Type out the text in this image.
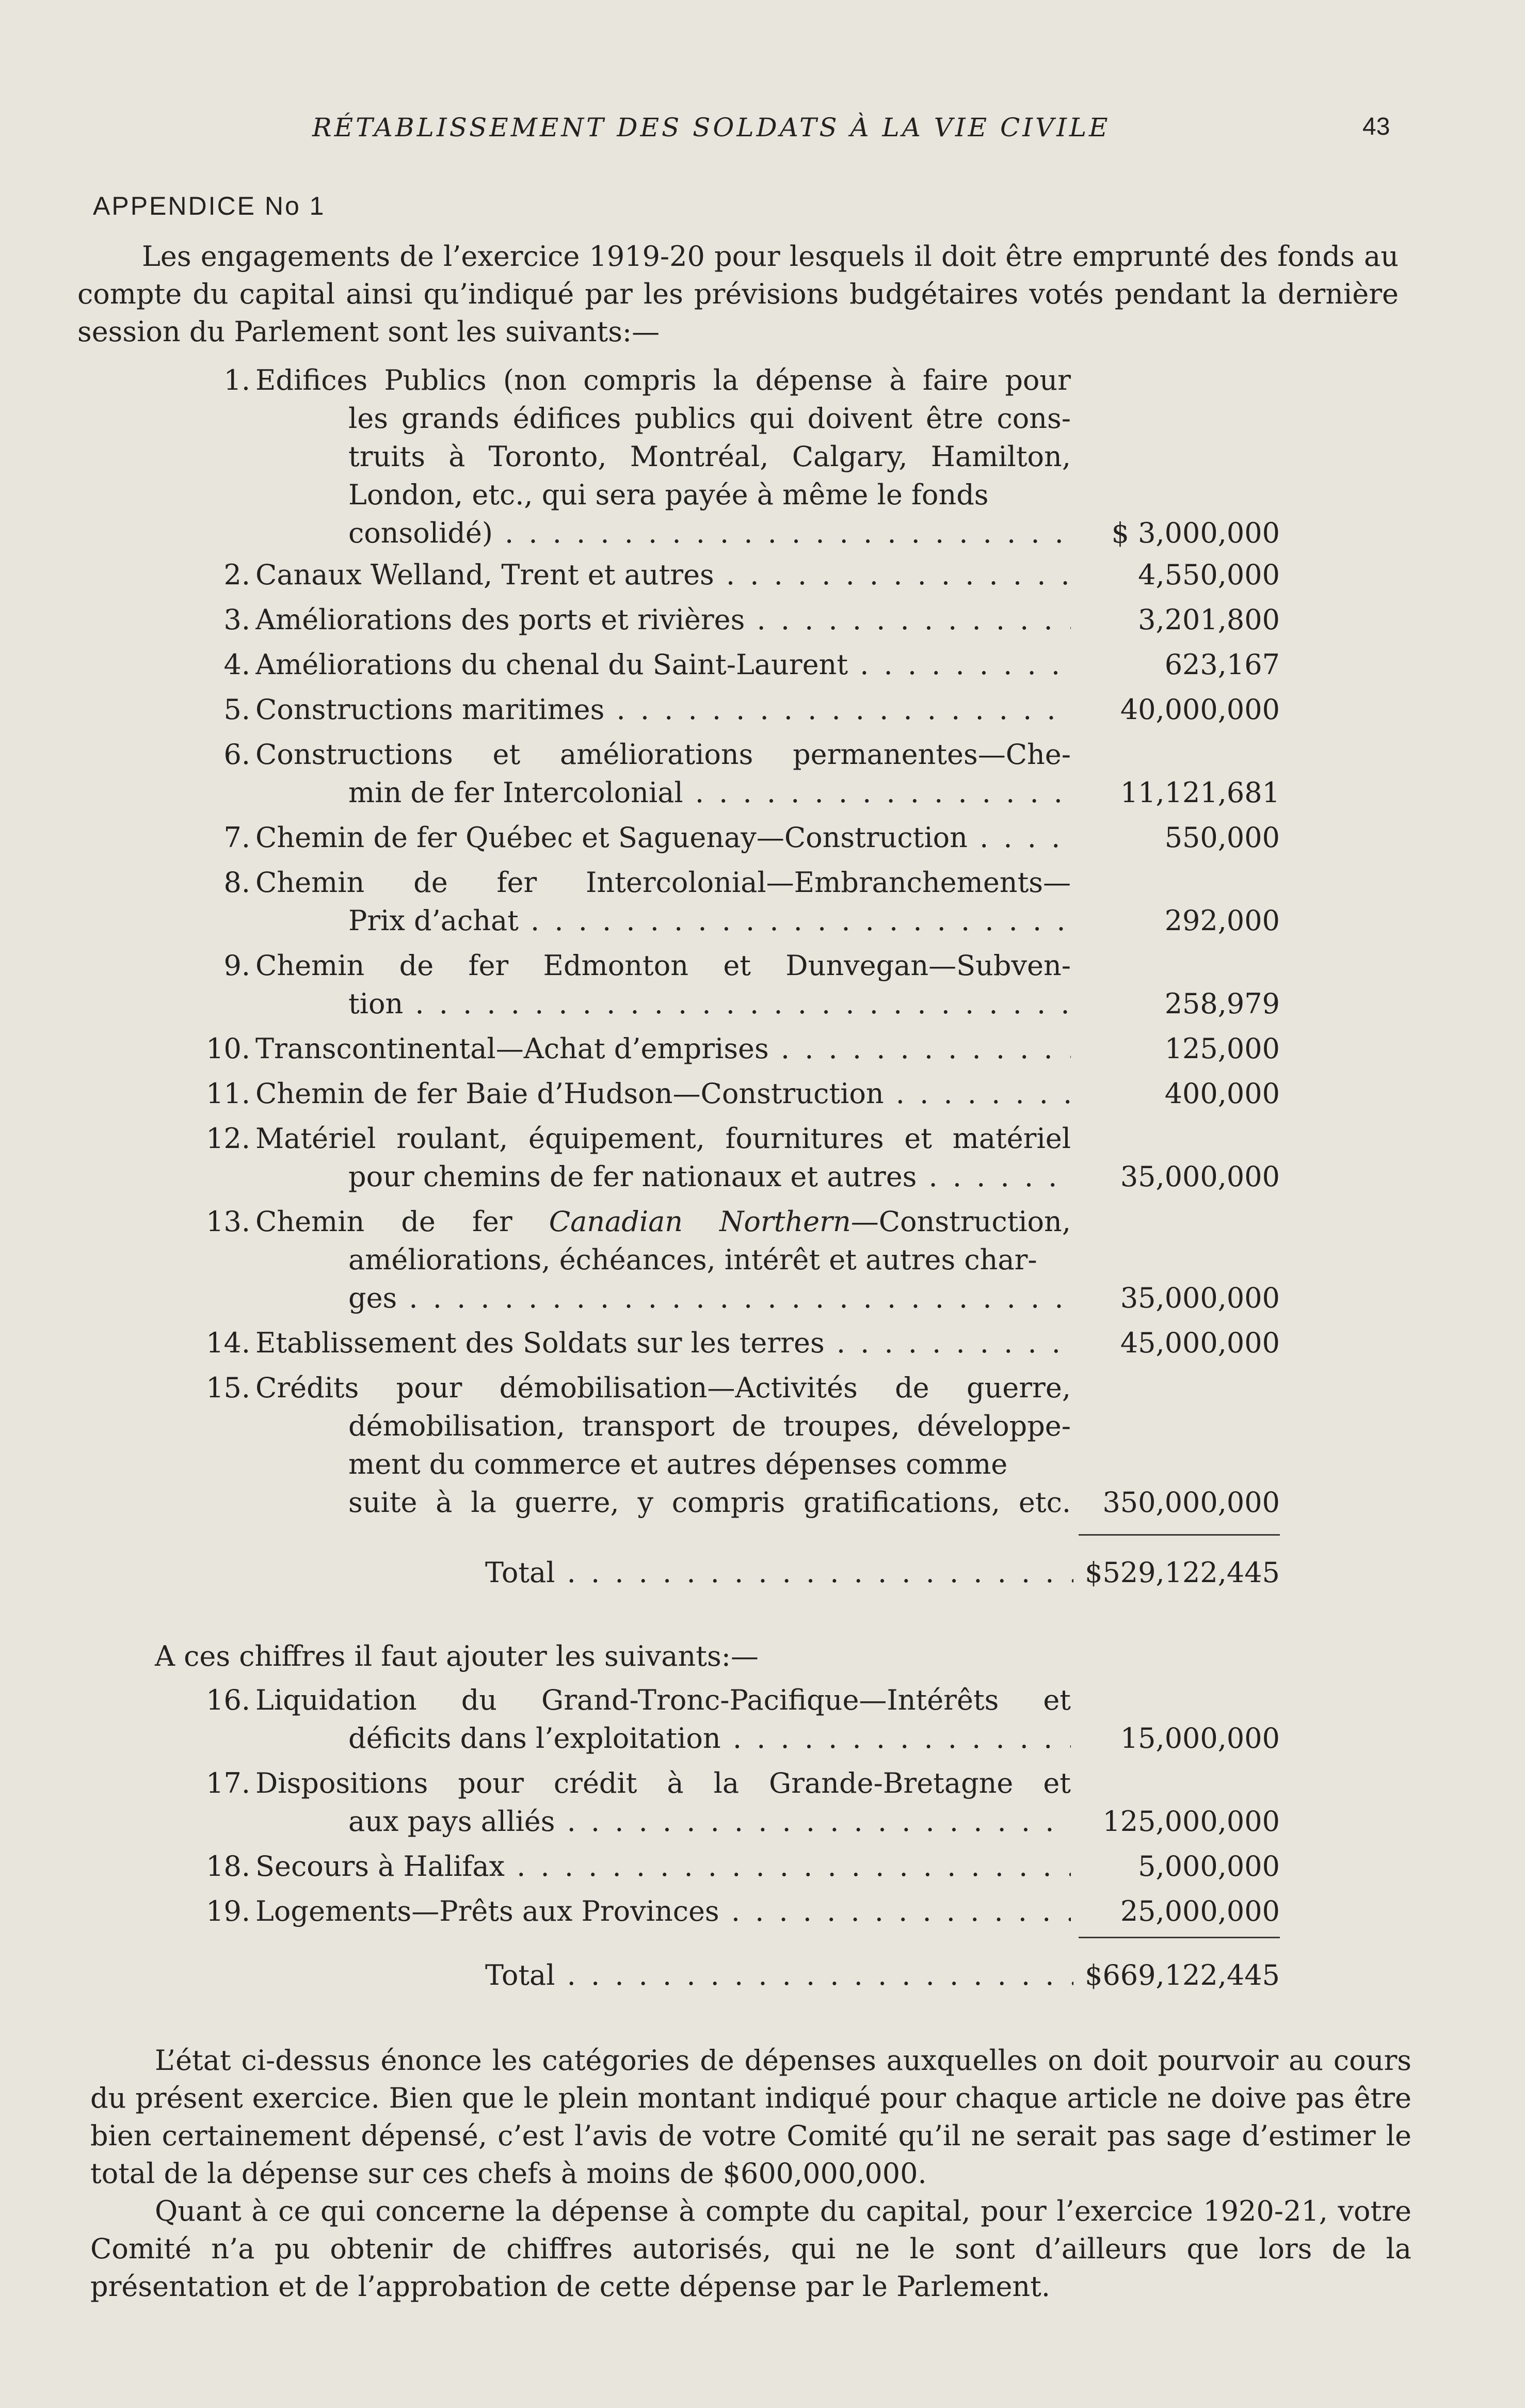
RÉTABLISSEMENT DES SOLDATS À LA VIE CIVILE	43
APPENDICE No 1
Les engagements de l’exercice 1919-20 pour lesquels il doit être emprunté des fonds au compte du capital ainsi qu’indiqué par les prévisions budgétaires votés pendant la dernière session du Parlement sont les suivants:—
1. Edifices Publics (non compris la dépense à faire pour
les grands édifices publics qui doivent être cons- truits à Toronto, Montréal, Calgary, Hamilton, London, etc., qui sera payée à même le fonds
consolidé) . . .	$ 3,000,000
2. Canaux Welland, Trent et autres . . .	4,550,000
3. Améliorations des ports et rivières . . .	3,201,800
4. Améliorations du chenal du Saint-Laurent . . .	623,167
5. Constructions maritimes . . .	40,000,000
6. Constructions et améliorations permanentes—Che-
min de fer Intercolonial . . .	11,121,681
7. Chemin de fer Québec et Saguenay—Construction . . .	550,000
8. Chemin de fer Intercolonial—Embranchements—
Prix d’achat . . .	292,000
9. Chemin de fer Edmonton et Dunvegan—Subven-
tion . . .	258,979
10. Transcontinental—Achat d’emprises . . .	125,000
11. Chemin de fer Baie d’Hudson—Construction . . .	400,000
12. Matériel roulant, équipement, fournitures et matériel
pour chemins de fer nationaux et autres . . .	35,000,000
13. Chemin de fer Canadian Northern—Construction,
améliorations, échéances, intérêt et autres char-
ges . . .	35,000,000
14. Etablissement des Soldats sur les terres . . .	45,000,000
15. Crédits pour démobilisation—Activités de guerre,
démobilisation, transport de troupes, développe- ment du commerce et autres dépenses comme
suite à la guerre, y compris gratifications, etc.	350,000,000
Total . . .	$529,122,445
A ces chiffres il faut ajouter les suivants:—
16. Liquidation du Grand-Tronc-Pacifique—Intérêts et
déficits dans l’exploitation . . .	15,000,000
17. Dispositions pour crédit à la Grande-Bretagne et
aux pays alliés . . .	125,000,000
18. Secours à Halifax . . .	5,000,000
19. Logements—Prêts aux Provinces . . .	25,000,000
Total . . .	$669,122,445
L’état ci-dessus énonce les catégories de dépenses auxquelles on doit pourvoir au cours du présent exercice. Bien que le plein montant indiqué pour chaque article ne doive pas être bien certainement dépensé, c’est l’avis de votre Comité qu’il ne serait pas sage d’estimer le total de la dépense sur ces chefs à moins de $600,000,000.
Quant à ce qui concerne la dépense à compte du capital, pour l’exercice 1920-21, votre Comité n’a pu obtenir de chiffres autorisés, qui ne le sont d’ailleurs que lors de la présentation et de l’approbation de cette dépense par le Parlement.
